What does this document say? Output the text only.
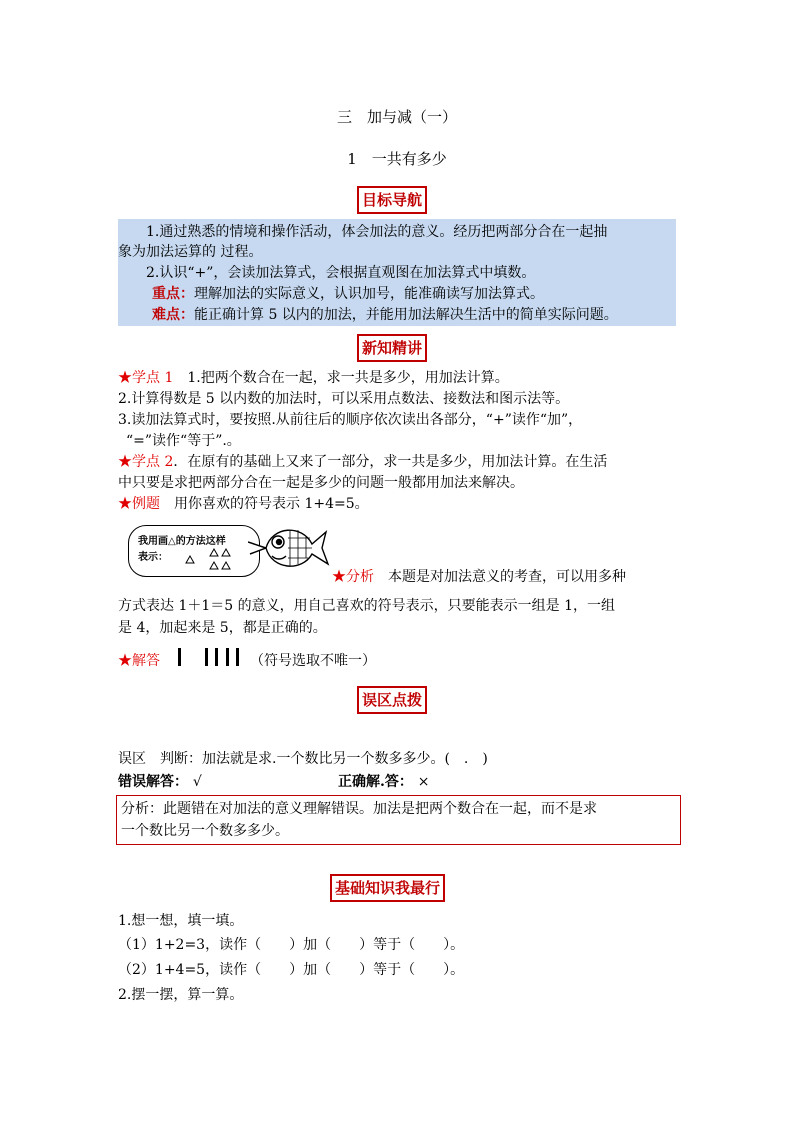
三　加与减（一）
1　一共有多少
目标导航
1.通过熟悉的情境和操作活动，体会加法的意义。经历把两部分合在一起抽
象为加法运算的 过程。
2.认识“+”，会读加法算式，会根据直观图在加法算式中填数。
重点：理解加法的实际意义，认识加号，能准确读写加法算式。
难点：能正确计算 5 以内的加法，并能用加法解决生活中的简单实际问题。
新知精讲
★学点 1　1.把两个数合在一起，求一共是多少，用加法计算。
2.计算得数是 5 以内数的加法时，可以采用点数法、接数法和图示法等。
3.读加法算式时，要按照.从前往后的顺序依次读出各部分，“+”读作“加”，
“=”读作“等于”.。
★学点 2．在原有的基础上又来了一部分，求一共是多少，用加法计算。在生活
中只要是求把两部分合在一起是多少的问题一般都用加法来解决。
★例题　用你喜欢的符号表示 1+4=5。
我用画△的方法这样
表示：
★分析　本题是对加法意义的考查，可以用多种
方式表达 1＋1＝5 的意义，用自己喜欢的符号表示，只要能表示一组是 1，一组
是 4，加起来是 5，都是正确的。
★解答	（符号选取不唯一）
误区点拨
误区　判断：加法就是求.一个数比另一个数多多少。(　.　)
错误解答： √	正确解.答： ×
分析：此题错在对加法的意义理解错误。加法是把两个数合在一起，而不是求
一个数比另一个数多多少。
基础知识我最行
1.想一想，填一填。
（1）1+2=3，读作（　　）加（　　）等于（　　）。
（2）1+4=5，读作（　　）加（　　）等于（　　）。
2.摆一摆，算一算。
